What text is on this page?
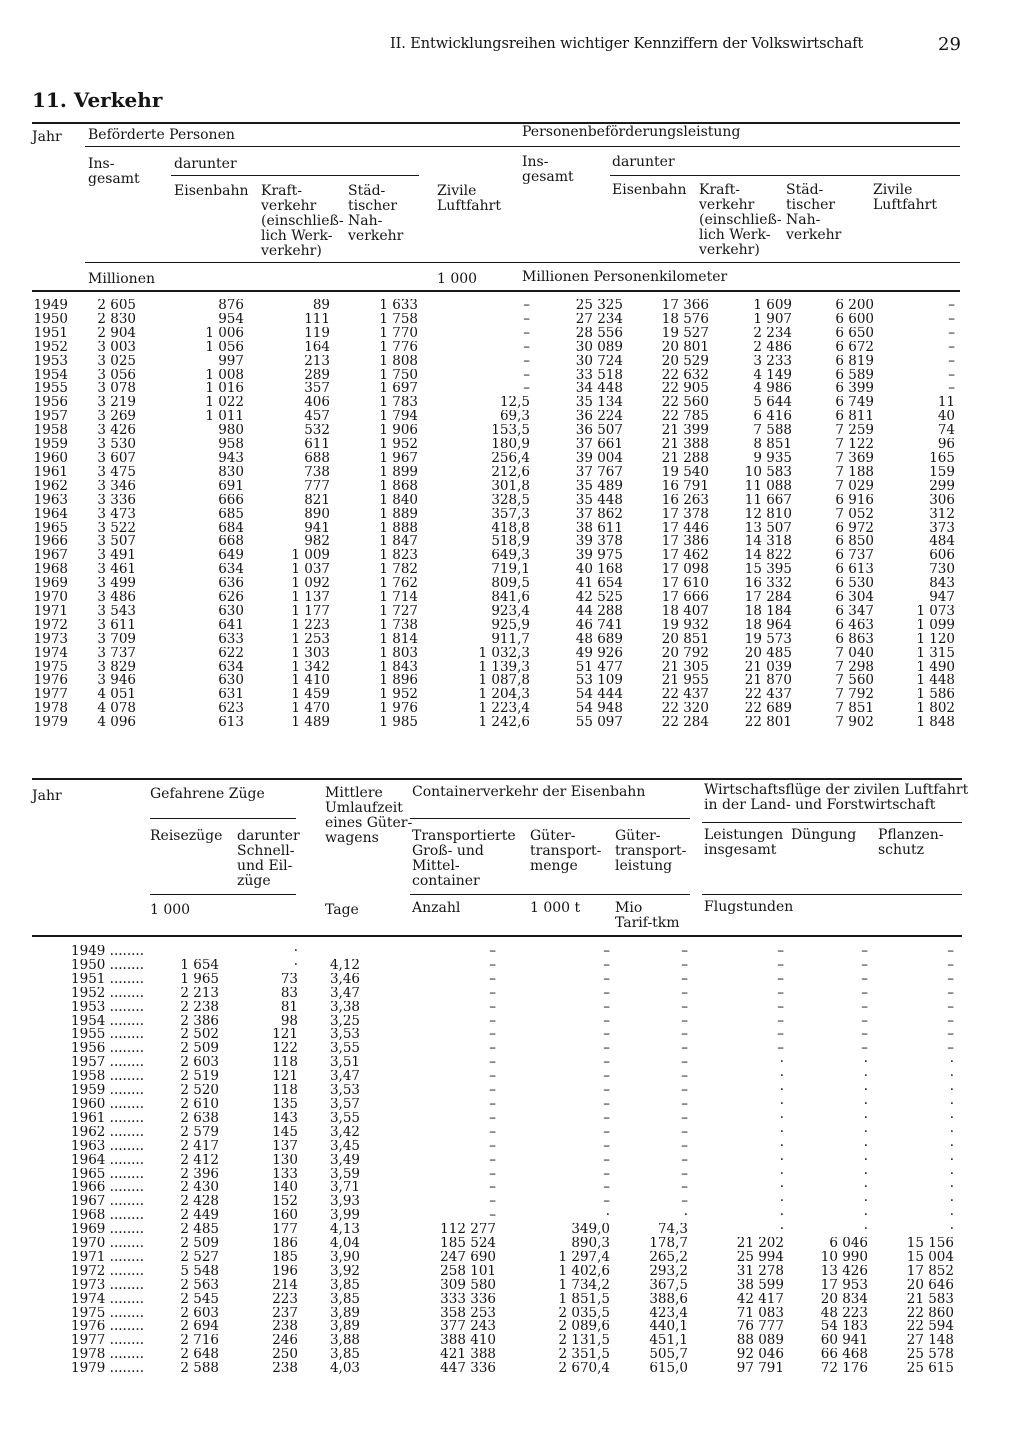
II. Entwicklungsreihen wichtiger Kennziffern der Volkswirtschaft	29
11. Verkehr
Jahr Beförderte Personen
Ins-
gesamt
darunter
Eisenbahn Kraft-
verkehr
(einschließ-
lich Werk-
verkehr)
Städ-
tischer
Nah-
verkehr
Zivile
Luftfahrt
Personenbeförderungsleistung
Ins-
gesamt
darunter
Eisenbahn Kraft-
verkehr
(einschließ-
lich Werk-
verkehr)
Städ-
tischer
Nah-
verkehr
Zivile
Luftfahrt
Millionen	1 000	Millionen Personenkilometer
1949	2 605	876	89	1 633	–	25 325	17 366	1 609	6 200	–
1950	2 830	954	111	1 758	–	27 234	18 576	1 907	6 600	–
1951	2 904	1 006	119	1 770	–	28 556	19 527	2 234	6 650	–
1952	3 003	1 056	164	1 776	–	30 089	20 801	2 486	6 672	–
1953	3 025	997	213	1 808	–	30 724	20 529	3 233	6 819	–
1954	3 056	1 008	289	1 750	–	33 518	22 632	4 149	6 589	–
1955	3 078	1 016	357	1 697	–	34 448	22 905	4 986	6 399	–
1956	3 219	1 022	406	1 783	12,5	35 134	22 560	5 644	6 749	11
1957	3 269	1 011	457	1 794	69,3	36 224	22 785	6 416	6 811	40
1958	3 426	980	532	1 906	153,5	36 507	21 399	7 588	7 259	74
1959	3 530	958	611	1 952	180,9	37 661	21 388	8 851	7 122	96
1960	3 607	943	688	1 967	256,4	39 004	21 288	9 935	7 369	165
1961	3 475	830	738	1 899	212,6	37 767	19 540	10 583	7 188	159
1962	3 346	691	777	1 868	301,8	35 489	16 791	11 088	7 029	299
1963	3 336	666	821	1 840	328,5	35 448	16 263	11 667	6 916	306
1964	3 473	685	890	1 889	357,3	37 862	17 378	12 810	7 052	312
1965	3 522	684	941	1 888	418,8	38 611	17 446	13 507	6 972	373
1966	3 507	668	982	1 847	518,9	39 378	17 386	14 318	6 850	484
1967	3 491	649	1 009	1 823	649,3	39 975	17 462	14 822	6 737	606
1968	3 461	634	1 037	1 782	719,1	40 168	17 098	15 395	6 613	730
1969	3 499	636	1 092	1 762	809,5	41 654	17 610	16 332	6 530	843
1970	3 486	626	1 137	1 714	841,6	42 525	17 666	17 284	6 304	947
1971	3 543	630	1 177	1 727	923,4	44 288	18 407	18 184	6 347	1 073
1972	3 611	641	1 223	1 738	925,9	46 741	19 932	18 964	6 463	1 099
1973	3 709	633	1 253	1 814	911,7	48 689	20 851	19 573	6 863	1 120
1974	3 737	622	1 303	1 803	1 032,3	49 926	20 792	20 485	7 040	1 315
1975	3 829	634	1 342	1 843	1 139,3	51 477	21 305	21 039	7 298	1 490
1976	3 946	630	1 410	1 896	1 087,8	53 109	21 955	21 870	7 560	1 448
1977	4 051	631	1 459	1 952	1 204,3	54 444	22 437	22 437	7 792	1 586
1978	4 078	623	1 470	1 976	1 223,4	54 948	22 320	22 689	7 851	1 802
1979	4 096	613	1 489	1 985	1 242,6	55 097	22 284	22 801	7 902	1 848
Jahr	Gefahrene Züge
Reisezüge darunter
Schnell-
und Eil-
züge
Mittlere
Umlaufzeit
eines Güter-
wagens
Containerverkehr der Eisenbahn
Transportierte
Groß- und
Mittel-
container
Güter-
transport-
menge
Güter-
transport-
leistung
Wirtschaftsflüge der zivilen Luftfahrt
in der Land- und Forstwirtschaft
Leistungen
insgesamt
Düngung Pflanzen-
schutz
1 000	Tage	Anzahl	1 000 t Mio
Tarif-tkm
Flugstunden
1949 ........		·		–	–	–	–	–	–
1950 ........	1 654	·	4,12	–	–	–	–	–	–
1951 ........	1 965	73	3,46	–	–	–	–	–	–
1952 ........	2 213	83	3,47	–	–	–	–	–	–
1953 ........	2 238	81	3,38	–	–	–	–	–	–
1954 ........	2 386	98	3,25	–	–	–	–	–	–
1955 ........	2 502	121	3,53	–	–	–	–	–	–
1956 ........	2 509	122	3,55	–	–	–	–	–	–
1957 ........	2 603	118	3,51	–	–	–	·	·	·
1958 ........	2 519	121	3,47	–	–	–	·	·	·
1959 ........	2 520	118	3,53	–	–	–	·	·	·
1960 ........	2 610	135	3,57	–	–	–	·	·	·
1961 ........	2 638	143	3,55	–	–	–	·	·	·
1962 ........	2 579	145	3,42	–	–	–	·	·	·
1963 ........	2 417	137	3,45	–	–	–	·	·	·
1964 ........	2 412	130	3,49	–	–	–	·	·	·
1965 ........	2 396	133	3,59	–	–	–	·	·	·
1966 ........	2 430	140	3,71	–	–	–	·	·	·
1967 ........	2 428	152	3,93	–	–	–	·	·	·
1968 ........	2 449	160	3,99	–	·	·	·	·	·
1969 ........	2 485	177	4,13	112 277	349,0	74,3	·	·	·
1970 ........	2 509	186	4,04	185 524	890,3	178,7	21 202	6 046	15 156
1971 ........	2 527	185	3,90	247 690	1 297,4	265,2	25 994	10 990	15 004
1972 ........	5 548	196	3,92	258 101	1 402,6	293,2	31 278	13 426	17 852
1973 ........	2 563	214	3,85	309 580	1 734,2	367,5	38 599	17 953	20 646
1974 ........	2 545	223	3,85	333 336	1 851,5	388,6	42 417	20 834	21 583
1975 ........	2 603	237	3,89	358 253	2 035,5	423,4	71 083	48 223	22 860
1976 ........	2 694	238	3,89	377 243	2 089,6	440,1	76 777	54 183	22 594
1977 ........	2 716	246	3,88	388 410	2 131,5	451,1	88 089	60 941	27 148
1978 ........	2 648	250	3,85	421 388	2 351,5	505,7	92 046	66 468	25 578
1979 ........	2 588	238	4,03	447 336	2 670,4	615,0	97 791	72 176	25 615
